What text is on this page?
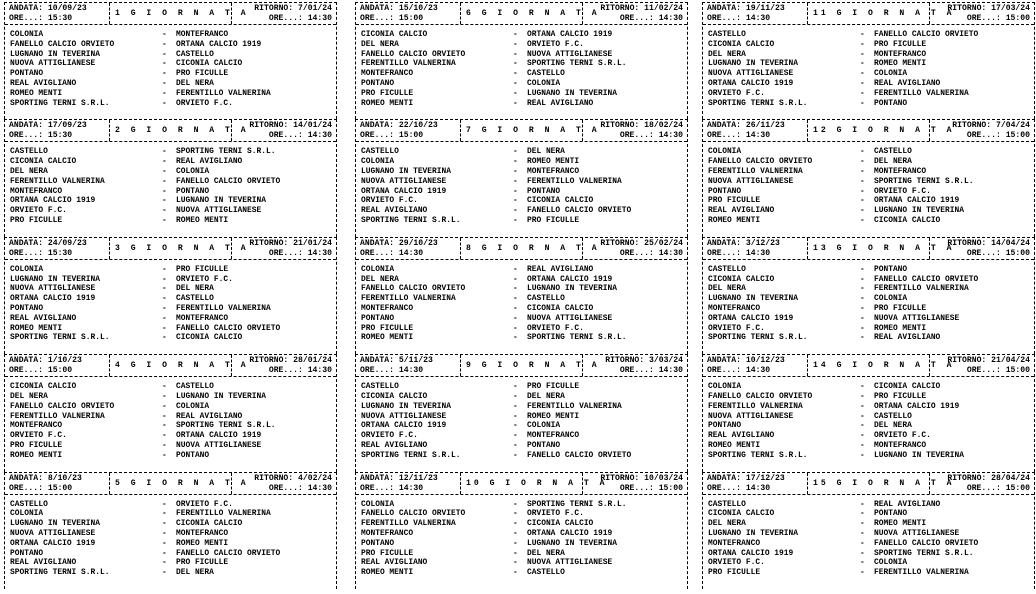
ANDATA: 10/09/23
ORE...: 15:30
1 G I O R N A T A
RITORNO: 7/01/24
ORE...: 14:30
COLONIA	-	MONTEFRANCO
FANELLO CALCIO ORVIETO	-	ORTANA CALCIO 1919
LUGNANO IN TEVERINA	-	CASTELLO
NUOVA ATTIGLIANESE	-	CICONIA CALCIO
PONTANO	-	PRO FICULLE
REAL AVIGLIANO	-	DEL NERA
ROMEO MENTI	-	FERENTILLO VALNERINA
SPORTING TERNI S.R.L.	-	ORVIETO F.C.
ANDATA: 17/09/23
ORE...: 15:30
2 G I O R N A T A
RITORNO: 14/01/24
ORE...: 14:30
CASTELLO	-	SPORTING TERNI S.R.L.
CICONIA CALCIO	-	REAL AVIGLIANO
DEL NERA	-	COLONIA
FERENTILLO VALNERINA	-	FANELLO CALCIO ORVIETO
MONTEFRANCO	-	PONTANO
ORTANA CALCIO 1919	-	LUGNANO IN TEVERINA
ORVIETO F.C.	-	NUOVA ATTIGLIANESE
PRO FICULLE	-	ROMEO MENTI
ANDATA: 24/09/23
ORE...: 15:30
3 G I O R N A T A
RITORNO: 21/01/24
ORE...: 14:30
COLONIA	-	PRO FICULLE
LUGNANO IN TEVERINA	-	ORVIETO F.C.
NUOVA ATTIGLIANESE	-	DEL NERA
ORTANA CALCIO 1919	-	CASTELLO
PONTANO	-	FERENTILLO VALNERINA
REAL AVIGLIANO	-	MONTEFRANCO
ROMEO MENTI	-	FANELLO CALCIO ORVIETO
SPORTING TERNI S.R.L.	-	CICONIA CALCIO
ANDATA: 1/10/23
ORE...: 15:00
4 G I O R N A T A
RITORNO: 28/01/24
ORE...: 14:30
CICONIA CALCIO	-	CASTELLO
DEL NERA	-	LUGNANO IN TEVERINA
FANELLO CALCIO ORVIETO	-	COLONIA
FERENTILLO VALNERINA	-	REAL AVIGLIANO
MONTEFRANCO	-	SPORTING TERNI S.R.L.
ORVIETO F.C.	-	ORTANA CALCIO 1919
PRO FICULLE	-	NUOVA ATTIGLIANESE
ROMEO MENTI	-	PONTANO
ANDATA: 8/10/23
ORE...: 15:00
5 G I O R N A T A
RITORNO: 4/02/24
ORE...: 14:30
CASTELLO	-	ORVIETO F.C.
COLONIA	-	FERENTILLO VALNERINA
LUGNANO IN TEVERINA	-	CICONIA CALCIO
NUOVA ATTIGLIANESE	-	MONTEFRANCO
ORTANA CALCIO 1919	-	ROMEO MENTI
PONTANO	-	FANELLO CALCIO ORVIETO
REAL AVIGLIANO	-	PRO FICULLE
SPORTING TERNI S.R.L.	-	DEL NERA
ANDATA: 15/10/23
ORE...: 15:00
6 G I O R N A T A
RITORNO: 11/02/24
ORE...: 14:30
CICONIA CALCIO	-	ORTANA CALCIO 1919
DEL NERA	-	ORVIETO F.C.
FANELLO CALCIO ORVIETO	-	NUOVA ATTIGLIANESE
FERENTILLO VALNERINA	-	SPORTING TERNI S.R.L.
MONTEFRANCO	-	CASTELLO
PONTANO	-	COLONIA
PRO FICULLE	-	LUGNANO IN TEVERINA
ROMEO MENTI	-	REAL AVIGLIANO
ANDATA: 22/10/23
ORE...: 15:00
7 G I O R N A T A
RITORNO: 18/02/24
ORE...: 14:30
CASTELLO	-	DEL NERA
COLONIA	-	ROMEO MENTI
LUGNANO IN TEVERINA	-	MONTEFRANCO
NUOVA ATTIGLIANESE	-	FERENTILLO VALNERINA
ORTANA CALCIO 1919	-	PONTANO
ORVIETO F.C.	-	CICONIA CALCIO
REAL AVIGLIANO	-	FANELLO CALCIO ORVIETO
SPORTING TERNI S.R.L.	-	PRO FICULLE
ANDATA: 29/10/23
ORE...: 14:30
8 G I O R N A T A
RITORNO: 25/02/24
ORE...: 14:30
COLONIA	-	REAL AVIGLIANO
DEL NERA	-	ORTANA CALCIO 1919
FANELLO CALCIO ORVIETO	-	LUGNANO IN TEVERINA
FERENTILLO VALNERINA	-	CASTELLO
MONTEFRANCO	-	CICONIA CALCIO
PONTANO	-	NUOVA ATTIGLIANESE
PRO FICULLE	-	ORVIETO F.C.
ROMEO MENTI	-	SPORTING TERNI S.R.L.
ANDATA: 5/11/23
ORE...: 14:30
9 G I O R N A T A
RITORNO: 3/03/24
ORE...: 14:30
CASTELLO	-	PRO FICULLE
CICONIA CALCIO	-	DEL NERA
LUGNANO IN TEVERINA	-	FERENTILLO VALNERINA
NUOVA ATTIGLIANESE	-	ROMEO MENTI
ORTANA CALCIO 1919	-	COLONIA
ORVIETO F.C.	-	MONTEFRANCO
REAL AVIGLIANO	-	PONTANO
SPORTING TERNI S.R.L.	-	FANELLO CALCIO ORVIETO
ANDATA: 12/11/23
ORE...: 14:30
10 G I O R N A T A
RITORNO: 10/03/24
ORE...: 15:00
COLONIA	-	SPORTING TERNI S.R.L.
FANELLO CALCIO ORVIETO	-	ORVIETO F.C.
FERENTILLO VALNERINA	-	CICONIA CALCIO
MONTEFRANCO	-	ORTANA CALCIO 1919
PONTANO	-	LUGNANO IN TEVERINA
PRO FICULLE	-	DEL NERA
REAL AVIGLIANO	-	NUOVA ATTIGLIANESE
ROMEO MENTI	-	CASTELLO
ANDATA: 19/11/23
ORE...: 14:30
11 G I O R N A T A
RITORNO: 17/03/24
ORE...: 15:00
CASTELLO	-	FANELLO CALCIO ORVIETO
CICONIA CALCIO	-	PRO FICULLE
DEL NERA	-	MONTEFRANCO
LUGNANO IN TEVERINA	-	ROMEO MENTI
NUOVA ATTIGLIANESE	-	COLONIA
ORTANA CALCIO 1919	-	REAL AVIGLIANO
ORVIETO F.C.	-	FERENTILLO VALNERINA
SPORTING TERNI S.R.L.	-	PONTANO
ANDATA: 26/11/23
ORE...: 14:30
12 G I O R N A T A
RITORNO: 7/04/24
ORE...: 15:00
COLONIA	-	CASTELLO
FANELLO CALCIO ORVIETO	-	DEL NERA
FERENTILLO VALNERINA	-	MONTEFRANCO
NUOVA ATTIGLIANESE	-	SPORTING TERNI S.R.L.
PONTANO	-	ORVIETO F.C.
PRO FICULLE	-	ORTANA CALCIO 1919
REAL AVIGLIANO	-	LUGNANO IN TEVERINA
ROMEO MENTI	-	CICONIA CALCIO
ANDATA: 3/12/23
ORE...: 14:30
13 G I O R N A T A
RITORNO: 14/04/24
ORE...: 15:00
CASTELLO	-	PONTANO
CICONIA CALCIO	-	FANELLO CALCIO ORVIETO
DEL NERA	-	FERENTILLO VALNERINA
LUGNANO IN TEVERINA	-	COLONIA
MONTEFRANCO	-	PRO FICULLE
ORTANA CALCIO 1919	-	NUOVA ATTIGLIANESE
ORVIETO F.C.	-	ROMEO MENTI
SPORTING TERNI S.R.L.	-	REAL AVIGLIANO
ANDATA: 10/12/23
ORE...: 14:30
14 G I O R N A T A
RITORNO: 21/04/24
ORE...: 15:00
COLONIA	-	CICONIA CALCIO
FANELLO CALCIO ORVIETO	-	PRO FICULLE
FERENTILLO VALNERINA	-	ORTANA CALCIO 1919
NUOVA ATTIGLIANESE	-	CASTELLO
PONTANO	-	DEL NERA
REAL AVIGLIANO	-	ORVIETO F.C.
ROMEO MENTI	-	MONTEFRANCO
SPORTING TERNI S.R.L.	-	LUGNANO IN TEVERINA
ANDATA: 17/12/23
ORE...: 14:30
15 G I O R N A T A
RITORNO: 28/04/24
ORE...: 15:00
CASTELLO	-	REAL AVIGLIANO
CICONIA CALCIO	-	PONTANO
DEL NERA	-	ROMEO MENTI
LUGNANO IN TEVERINA	-	NUOVA ATTIGLIANESE
MONTEFRANCO	-	FANELLO CALCIO ORVIETO
ORTANA CALCIO 1919	-	SPORTING TERNI S.R.L.
ORVIETO F.C.	-	COLONIA
PRO FICULLE	-	FERENTILLO VALNERINA
